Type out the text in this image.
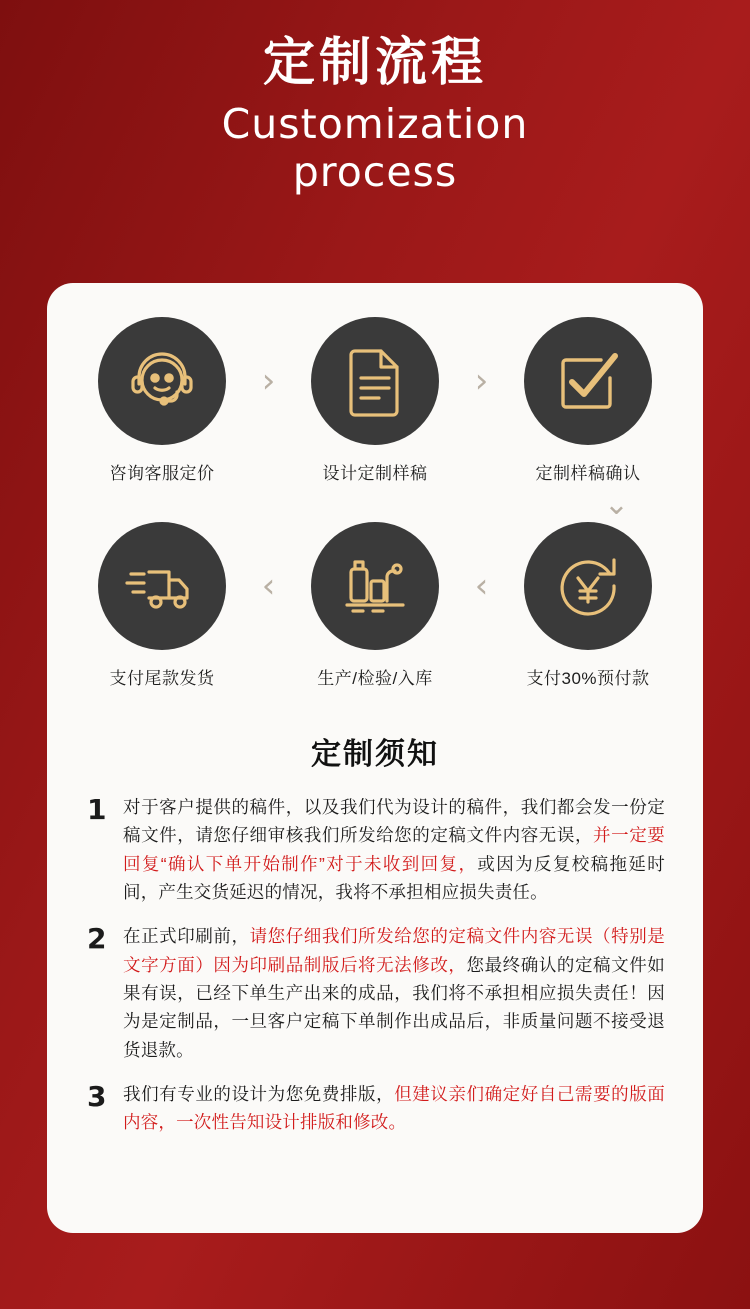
定制流程
Customization
process
咨询客服定价
›
设计定制样稿
›
定制样稿确认
⌄
支付尾款发货
‹
生产/检验/入库
‹
支付30%预付款
定制须知
1 对于客户提供的稿件，以及我们代为设计的稿件，我们都会发一份定稿文件，请您仔细审核我们所发给您的定稿文件内容无误，并一定要回复“确认下单开始制作”对于未收到回复，或因为反复校稿拖延时间，产生交货延迟的情况，我将不承担相应损失责任。
2 在正式印刷前，请您仔细我们所发给您的定稿文件内容无误（特别是文字方面）因为印刷品制版后将无法修改，您最终确认的定稿文件如果有误，已经下单生产出来的成品，我们将不承担相应损失责任！因为是定制品，一旦客户定稿下单制作出成品后，非质量问题不接受退货退款。
3 我们有专业的设计为您免费排版，但建议亲们确定好自己需要的版面内容，一次性告知设计排版和修改。
